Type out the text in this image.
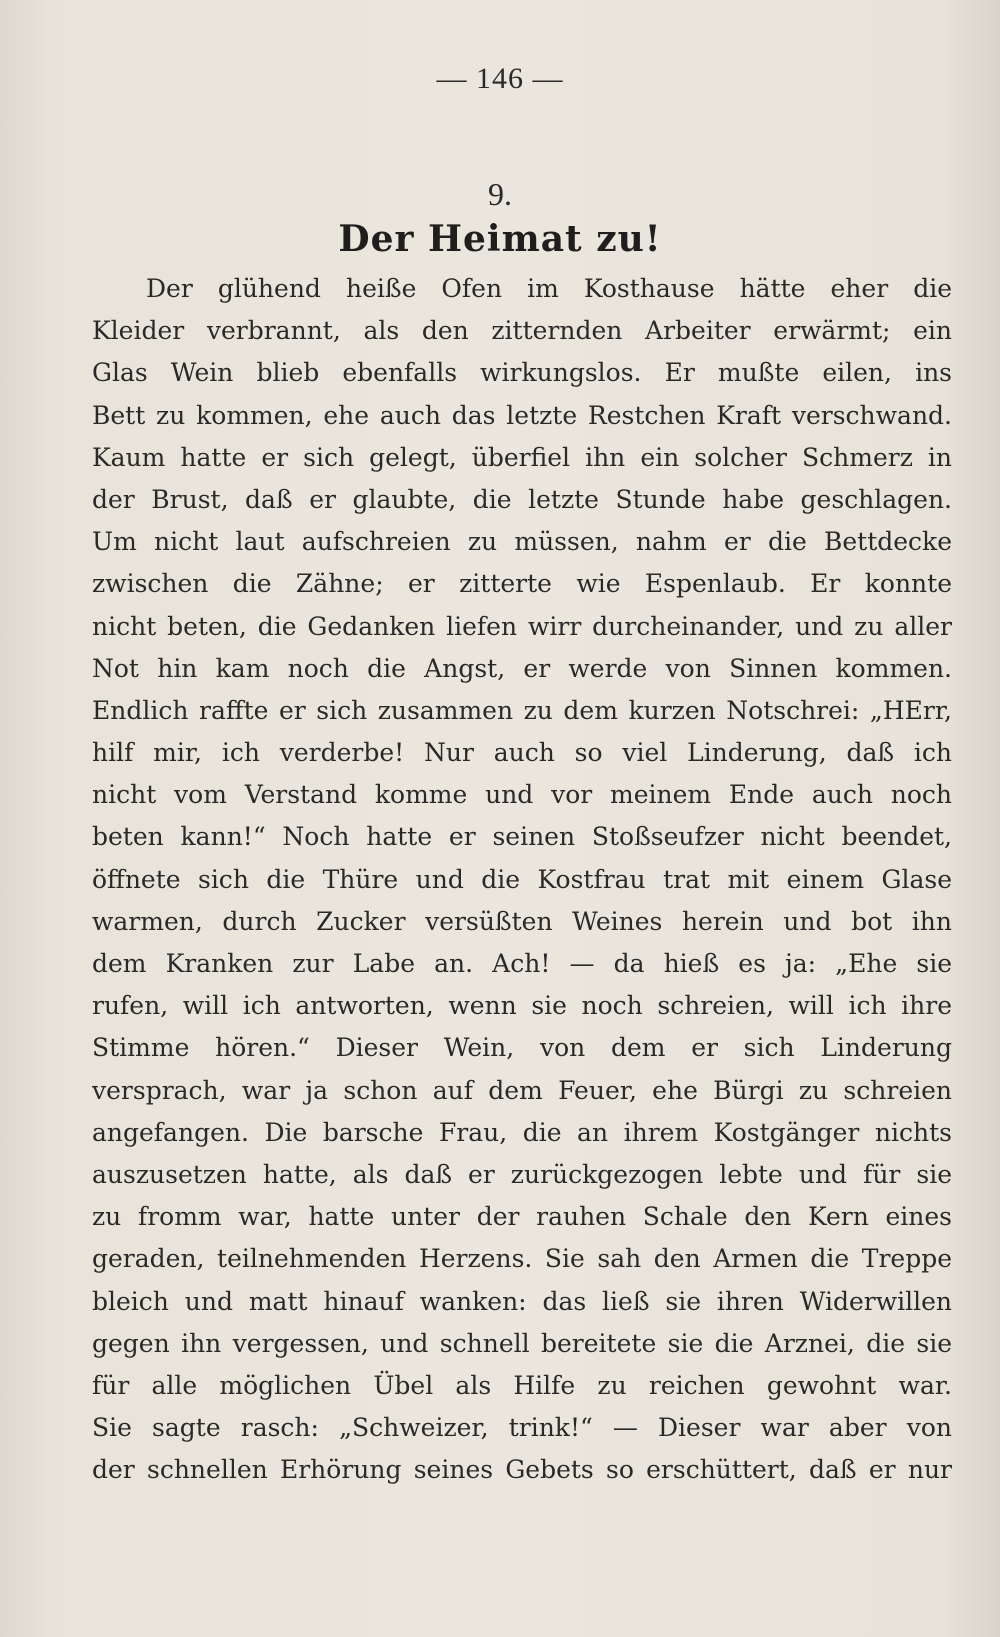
— 146 —
9.
Der Heimat zu!
Der glühend heiße Ofen im Kosthause hätte eher die
Kleider verbrannt, als den zitternden Arbeiter erwärmt; ein
Glas Wein blieb ebenfalls wirkungslos. Er mußte eilen, ins
Bett zu kommen, ehe auch das letzte Restchen Kraft verschwand.
Kaum hatte er sich gelegt, überfiel ihn ein solcher Schmerz in
der Brust, daß er glaubte, die letzte Stunde habe geschlagen.
Um nicht laut aufschreien zu müssen, nahm er die Bettdecke
zwischen die Zähne; er zitterte wie Espenlaub. Er konnte
nicht beten, die Gedanken liefen wirr durcheinander, und zu aller
Not hin kam noch die Angst, er werde von Sinnen kommen.
Endlich raffte er sich zusammen zu dem kurzen Notschrei: „HErr,
hilf mir, ich verderbe! Nur auch so viel Linderung, daß ich
nicht vom Verstand komme und vor meinem Ende auch noch
beten kann!“ Noch hatte er seinen Stoßseufzer nicht beendet,
öffnete sich die Thüre und die Kostfrau trat mit einem Glase
warmen, durch Zucker versüßten Weines herein und bot ihn
dem Kranken zur Labe an. Ach! — da hieß es ja: „Ehe sie
rufen, will ich antworten, wenn sie noch schreien, will ich ihre
Stimme hören.“ Dieser Wein, von dem er sich Linderung
versprach, war ja schon auf dem Feuer, ehe Bürgi zu schreien
angefangen. Die barsche Frau, die an ihrem Kostgänger nichts
auszusetzen hatte, als daß er zurückgezogen lebte und für sie
zu fromm war, hatte unter der rauhen Schale den Kern eines
geraden, teilnehmenden Herzens. Sie sah den Armen die Treppe
bleich und matt hinauf wanken: das ließ sie ihren Widerwillen
gegen ihn vergessen, und schnell bereitete sie die Arznei, die sie
für alle möglichen Übel als Hilfe zu reichen gewohnt war.
Sie sagte rasch: „Schweizer, trink!“ — Dieser war aber von
der schnellen Erhörung seines Gebets so erschüttert, daß er nur
